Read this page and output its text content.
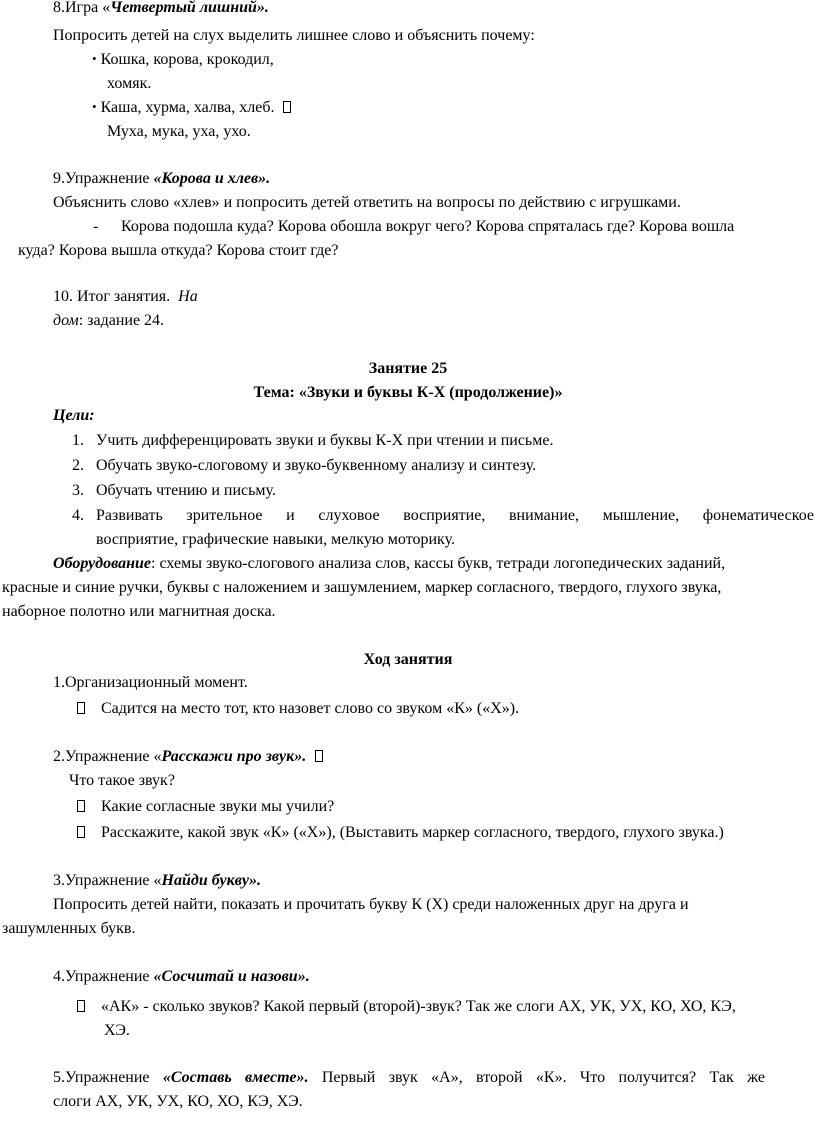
8.Игра «Четвертый лишний».
Попросить детей на слух выделить лишнее слово и объяснить почему:
• Кошка, корова, крокодил,
хомяк.
• Каша, хурма, халва, хлеб.
Муха, мука, уха, ухо.
9.Упражнение «Корова и хлев».
Объяснить слово «хлев» и попросить детей ответить на вопросы по действию с игрушками.
- Корова подошла куда? Корова обошла вокруг чего? Корова спряталась где? Корова вошла
куда? Корова вышла откуда? Корова стоит где?
10. Итог занятия. На
дом: задание 24.
Занятие 25
Тема: «Звуки и буквы К-Х (продолжение)»
Цели:
1. Учить дифференцировать звуки и буквы К-Х при чтении и письме.
2. Обучать звуко-слоговому и звуко-буквенному анализу и синтезу.
3. Обучать чтению и письму.
4. Развивать зрительное и слуховое восприятие, внимание, мышление, фонематическое
восприятие, графические навыки, мелкую моторику.
Оборудование: схемы звуко-слогового анализа слов, кассы букв, тетради логопедических заданий,
красные и синие ручки, буквы с наложением и зашумлением, маркер согласного, твердого, глухого звука,
наборное полотно или магнитная доска.
Ход занятия
1.Организационный момент.
Садится на место тот, кто назовет слово со звуком «К» («Х»).
2.Упражнение «Расскажи про звук».
Что такое звук?
Какие согласные звуки мы учили?
Расскажите, какой звук «К» («Х»), (Выставить маркер согласного, твердого, глухого звука.)
3.Упражнение «Найди букву».
Попросить детей найти, показать и прочитать букву К (Х) среди наложенных друг на друга и
зашумленных букв.
4.Упражнение «Сосчитай и назови».
«АК» - сколько звуков? Какой первый (второй)-звук? Так же слоги АХ, УК, УХ, КО, ХО, КЭ,
ХЭ.
5.Упражнение «Составь вместе». Первый звук «А», второй «К». Что получится? Так же
слоги АХ, УК, УХ, КО, ХО, КЭ, ХЭ.
